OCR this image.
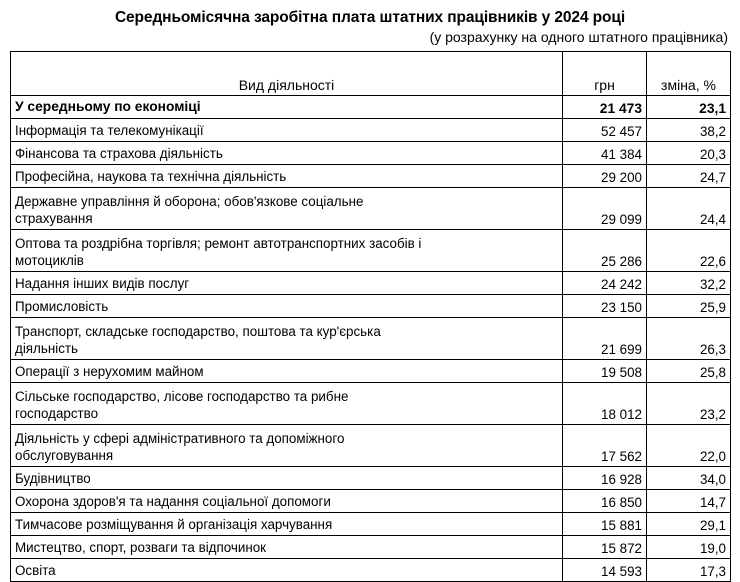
Середньомісячна заробітна плата штатних працівників у 2024 році
(у розрахунку на одного штатного працівника)
Вид діяльності	грн	зміна, %
У середньому по економіці	21 473	23,1
Інформація та телекомунікації	52 457	38,2
Фінансова та страхова діяльність	41 384	20,3
Професійна, наукова та технічна діяльність	29 200	24,7
Державне управління й оборона; обов'язкове соціальне
страхування	29 099	24,4
Оптова та роздрібна торгівля; ремонт автотранспортних засобів і
мотоциклів	25 286	22,6
Надання інших видів послуг	24 242	32,2
Промисловість	23 150	25,9
Транспорт, складське господарство, поштова та кур'єрська
діяльність	21 699	26,3
Операції з нерухомим майном	19 508	25,8
Сільське господарство, лісове господарство та рибне
господарство	18 012	23,2
Діяльність у сфері адміністративного та допоміжного
обслуговування	17 562	22,0
Будівництво	16 928	34,0
Охорона здоров'я та надання соціальної допомоги	16 850	14,7
Тимчасове розміщування й організація харчування	15 881	29,1
Мистецтво, спорт, розваги та відпочинок	15 872	19,0
Освіта	14 593	17,3
